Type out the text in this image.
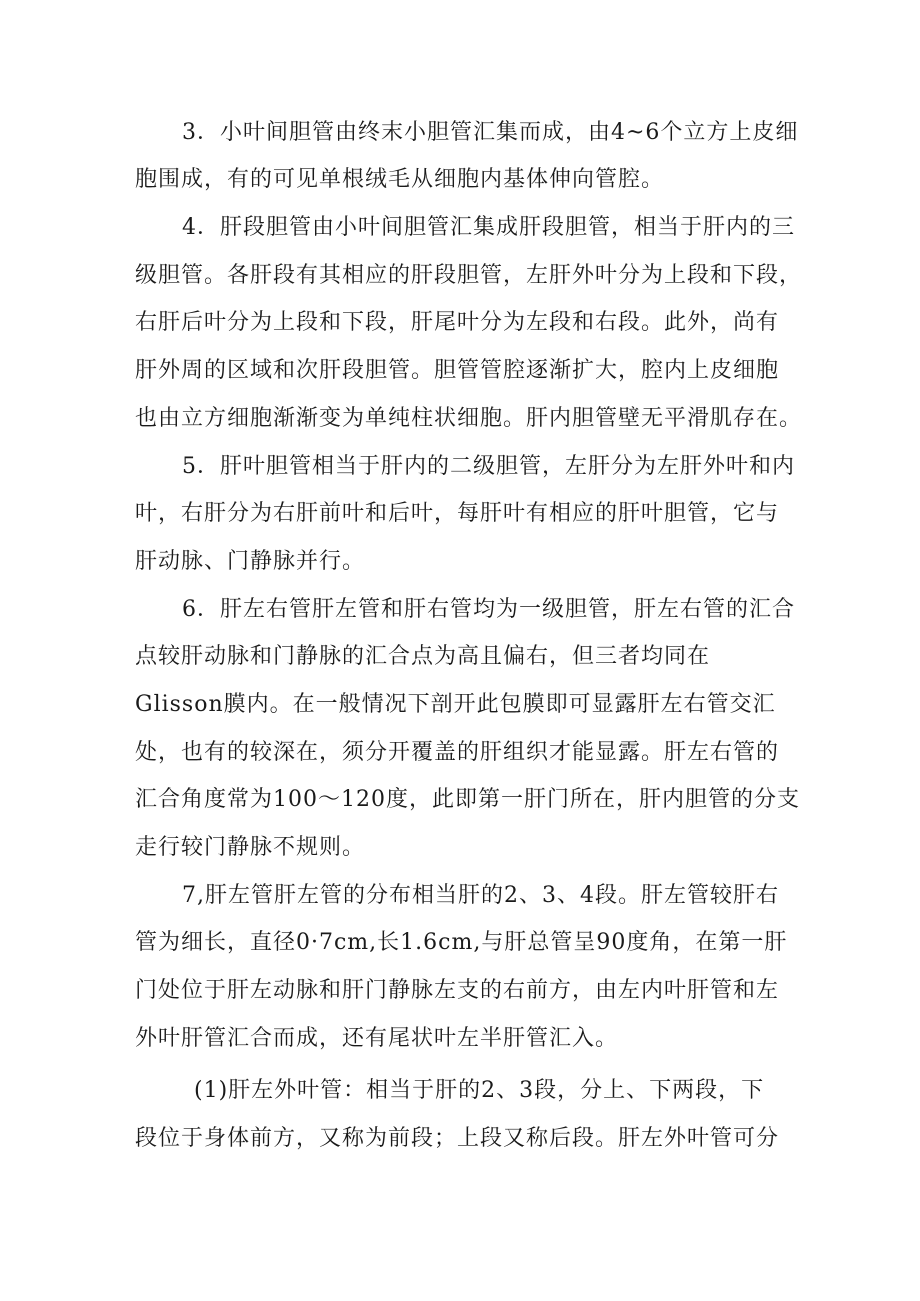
3．小叶间胆管由终末小胆管汇集而成，由4~6个立方上皮细
胞围成，有的可见单根绒毛从细胞内基体伸向管腔。
4．肝段胆管由小叶间胆管汇集成肝段胆管，相当于肝内的三
级胆管。各肝段有其相应的肝段胆管，左肝外叶分为上段和下段，
右肝后叶分为上段和下段，肝尾叶分为左段和右段。此外，尚有
肝外周的区域和次肝段胆管。胆管管腔逐渐扩大，腔内上皮细胞
也由立方细胞渐渐变为单纯柱状细胞。肝内胆管壁无平滑肌存在。
5．肝叶胆管相当于肝内的二级胆管，左肝分为左肝外叶和内
叶，右肝分为右肝前叶和后叶，每肝叶有相应的肝叶胆管，它与
肝动脉、门静脉并行。
6．肝左右管肝左管和肝右管均为一级胆管，肝左右管的汇合
点较肝动脉和门静脉的汇合点为高且偏右，但三者均同在
Glisson膜内。在一般情况下剖开此包膜即可显露肝左右管交汇
处，也有的较深在，须分开覆盖的肝组织才能显露。肝左右管的
汇合角度常为100～120度，此即第一肝门所在，肝内胆管的分支
走行较门静脉不规则。
7,肝左管肝左管的分布相当肝的2、3、4段。肝左管较肝右
管为细长，直径0·7cm,长1.6cm,与肝总管呈90度角，在第一肝
门处位于肝左动脉和肝门静脉左支的右前方，由左内叶肝管和左
外叶肝管汇合而成，还有尾状叶左半肝管汇入。
(1)肝左外叶管：相当于肝的2、3段，分上、下两段，下
段位于身体前方，又称为前段；上段又称后段。肝左外叶管可分
